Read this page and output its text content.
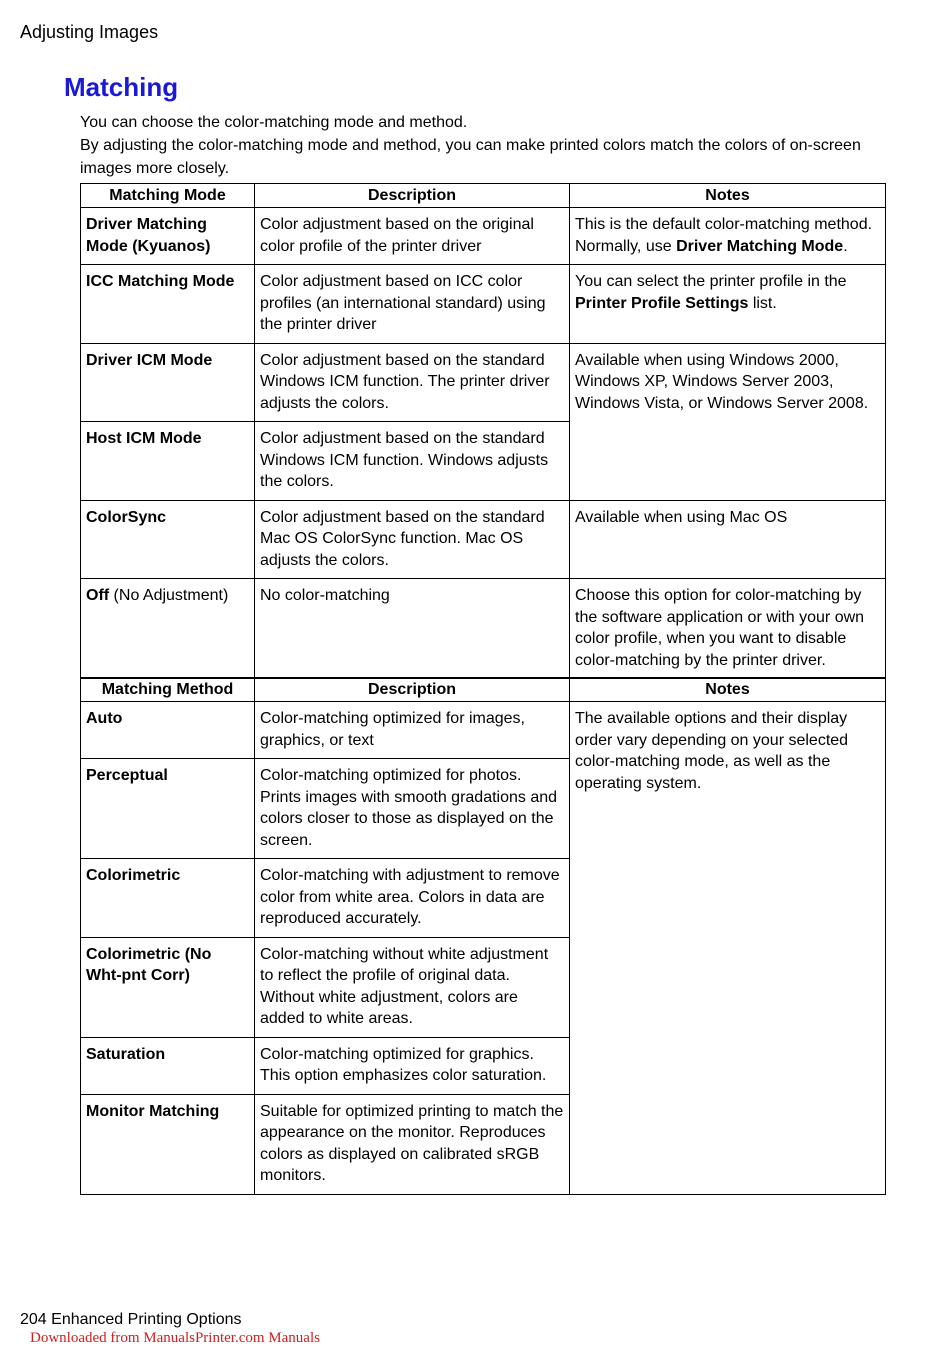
Adjusting Images
Matching

You can choose the color-matching mode and method.

By adjusting the color-matching mode and method, you can make printed colors match the colors of on-screen images more closely.

Matching Mode	Description	Notes
Driver Matching Mode (Kyuanos)	Color adjustment based on the original color profile of the printer driver	This is the default color-matching method. Normally, use Driver Matching Mode.
ICC Matching Mode	Color adjustment based on ICC color profiles (an international standard) using the printer driver	You can select the printer profile in the Printer Profile Settings list.
Driver ICM Mode	Color adjustment based on the standard Windows ICM function. The printer driver adjusts the colors.	Available when using Windows 2000, Windows XP, Windows Server 2003, Windows Vista, or Windows Server 2008.
Host ICM Mode	Color adjustment based on the standard Windows ICM function. Windows adjusts the colors.	
ColorSync	Color adjustment based on the standard Mac OS ColorSync function. Mac OS adjusts the colors.	Available when using Mac OS
Off (No Adjustment)	No color-matching	Choose this option for color-matching by the software application or with your own color profile, when you want to disable color-matching by the printer driver.
Matching Method	Description	Notes
Auto	Color-matching optimized for images, graphics, or text	The available options and their display order vary depending on your selected color-matching mode, as well as the operating system.
Perceptual	Color-matching optimized for photos. Prints images with smooth gradations and colors closer to those as displayed on the screen.	
Colorimetric	Color-matching with adjustment to remove color from white area. Colors in data are reproduced accurately.	
Colorimetric (No Wht-pnt Corr)	Color-matching without white adjustment to reflect the profile of original data. Without white adjustment, colors are added to white areas.	
Saturation	Color-matching optimized for graphics. This option emphasizes color saturation.	
Monitor Matching	Suitable for optimized printing to match the appearance on the monitor. Reproduces colors as displayed on calibrated sRGB monitors.	
204 Enhanced Printing Options
Downloaded from ManualsPrinter.com Manuals
